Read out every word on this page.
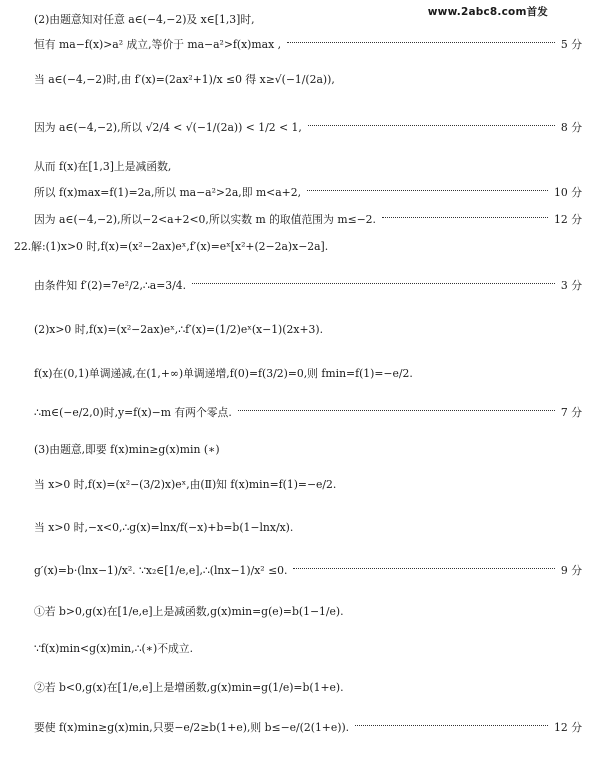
www.2abc8.com首发
(2)由题意知对任意 a∈(−4,−2)及 x∈[1,3]时,
恒有 ma−f(x)>a² 成立,等价于 ma−a²>f(x)max ,	5 分
当 a∈(−4,−2)时,由 f′(x)=(2ax²+1)/x ≤0 得 x≥√(−1/(2a)),
因为 a∈(−4,−2),所以 √2/4 < √(−1/(2a)) < 1/2 < 1,	8 分
从而 f(x)在[1,3]上是减函数,
所以 f(x)max=f(1)=2a,所以 ma−a²>2a,即 m<a+2,	10 分
因为 a∈(−4,−2),所以−2<a+2<0,所以实数 m 的取值范围为 m≤−2.	12 分
22.解:(1)x>0 时,f(x)=(x²−2ax)eˣ,f′(x)=eˣ[x²+(2−2a)x−2a].
由条件知 f′(2)=7e²/2,∴a=3/4.	3 分
(2)x>0 时,f(x)=(x²−2ax)eˣ,∴f′(x)=(1/2)eˣ(x−1)(2x+3).
f(x)在(0,1)单调递减,在(1,+∞)单调递增,f(0)=f(3/2)=0,则 fmin=f(1)=−e/2.
∴m∈(−e/2,0)时,y=f(x)−m 有两个零点.	7 分
(3)由题意,即要 f(x)min≥g(x)min (∗)
当 x>0 时,f(x)=(x²−(3/2)x)eˣ,由(Ⅱ)知 f(x)min=f(1)=−e/2.
当 x>0 时,−x<0,∴g(x)=lnx/f(−x)+b=b(1−lnx/x).
g′(x)=b·(lnx−1)/x². ∵x₂∈[1/e,e],∴(lnx−1)/x² ≤0.	9 分
①若 b>0,g(x)在[1/e,e]上是减函数,g(x)min=g(e)=b(1−1/e).
∵f(x)min<g(x)min,∴(∗)不成立.
②若 b<0,g(x)在[1/e,e]上是增函数,g(x)min=g(1/e)=b(1+e).
要使 f(x)min≥g(x)min,只要−e/2≥b(1+e),则 b≤−e/(2(1+e)).	12 分
